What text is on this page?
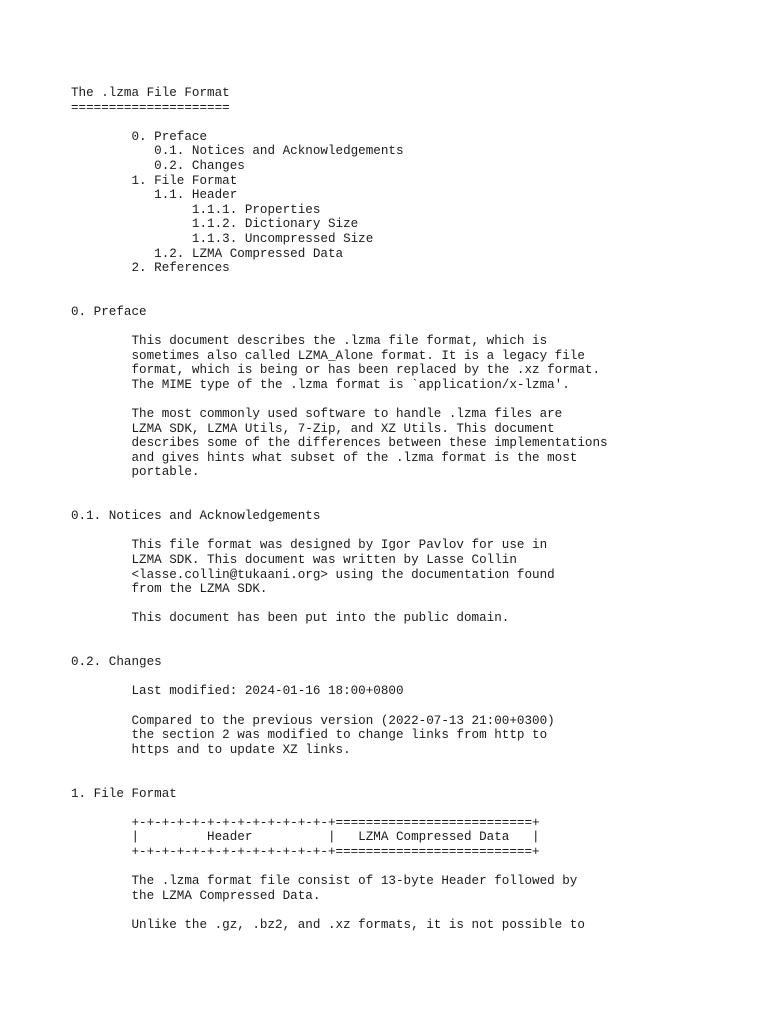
The .lzma File Format
=====================
0. Preface
0.1. Notices and Acknowledgements
0.2. Changes
1. File Format
1.1. Header
1.1.1. Properties
1.1.2. Dictionary Size
1.1.3. Uncompressed Size
1.2. LZMA Compressed Data
2. References
0. Preface
This document describes the .lzma file format, which is
sometimes also called LZMA_Alone format. It is a legacy file
format, which is being or has been replaced by the .xz format.
The MIME type of the .lzma format is `application/x-lzma'.
The most commonly used software to handle .lzma files are
LZMA SDK, LZMA Utils, 7-Zip, and XZ Utils. This document
describes some of the differences between these implementations
and gives hints what subset of the .lzma format is the most
portable.
0.1. Notices and Acknowledgements
This file format was designed by Igor Pavlov for use in
LZMA SDK. This document was written by Lasse Collin
<lasse.collin@tukaani.org> using the documentation found
from the LZMA SDK.
This document has been put into the public domain.
0.2. Changes
Last modified: 2024-01-16 18:00+0800
Compared to the previous version (2022-07-13 21:00+0300)
the section 2 was modified to change links from http to
https and to update XZ links.
1. File Format
+-+-+-+-+-+-+-+-+-+-+-+-+-+==========================+
|         Header          |   LZMA Compressed Data   |
+-+-+-+-+-+-+-+-+-+-+-+-+-+==========================+
The .lzma format file consist of 13-byte Header followed by
the LZMA Compressed Data.
Unlike the .gz, .bz2, and .xz formats, it is not possible to
